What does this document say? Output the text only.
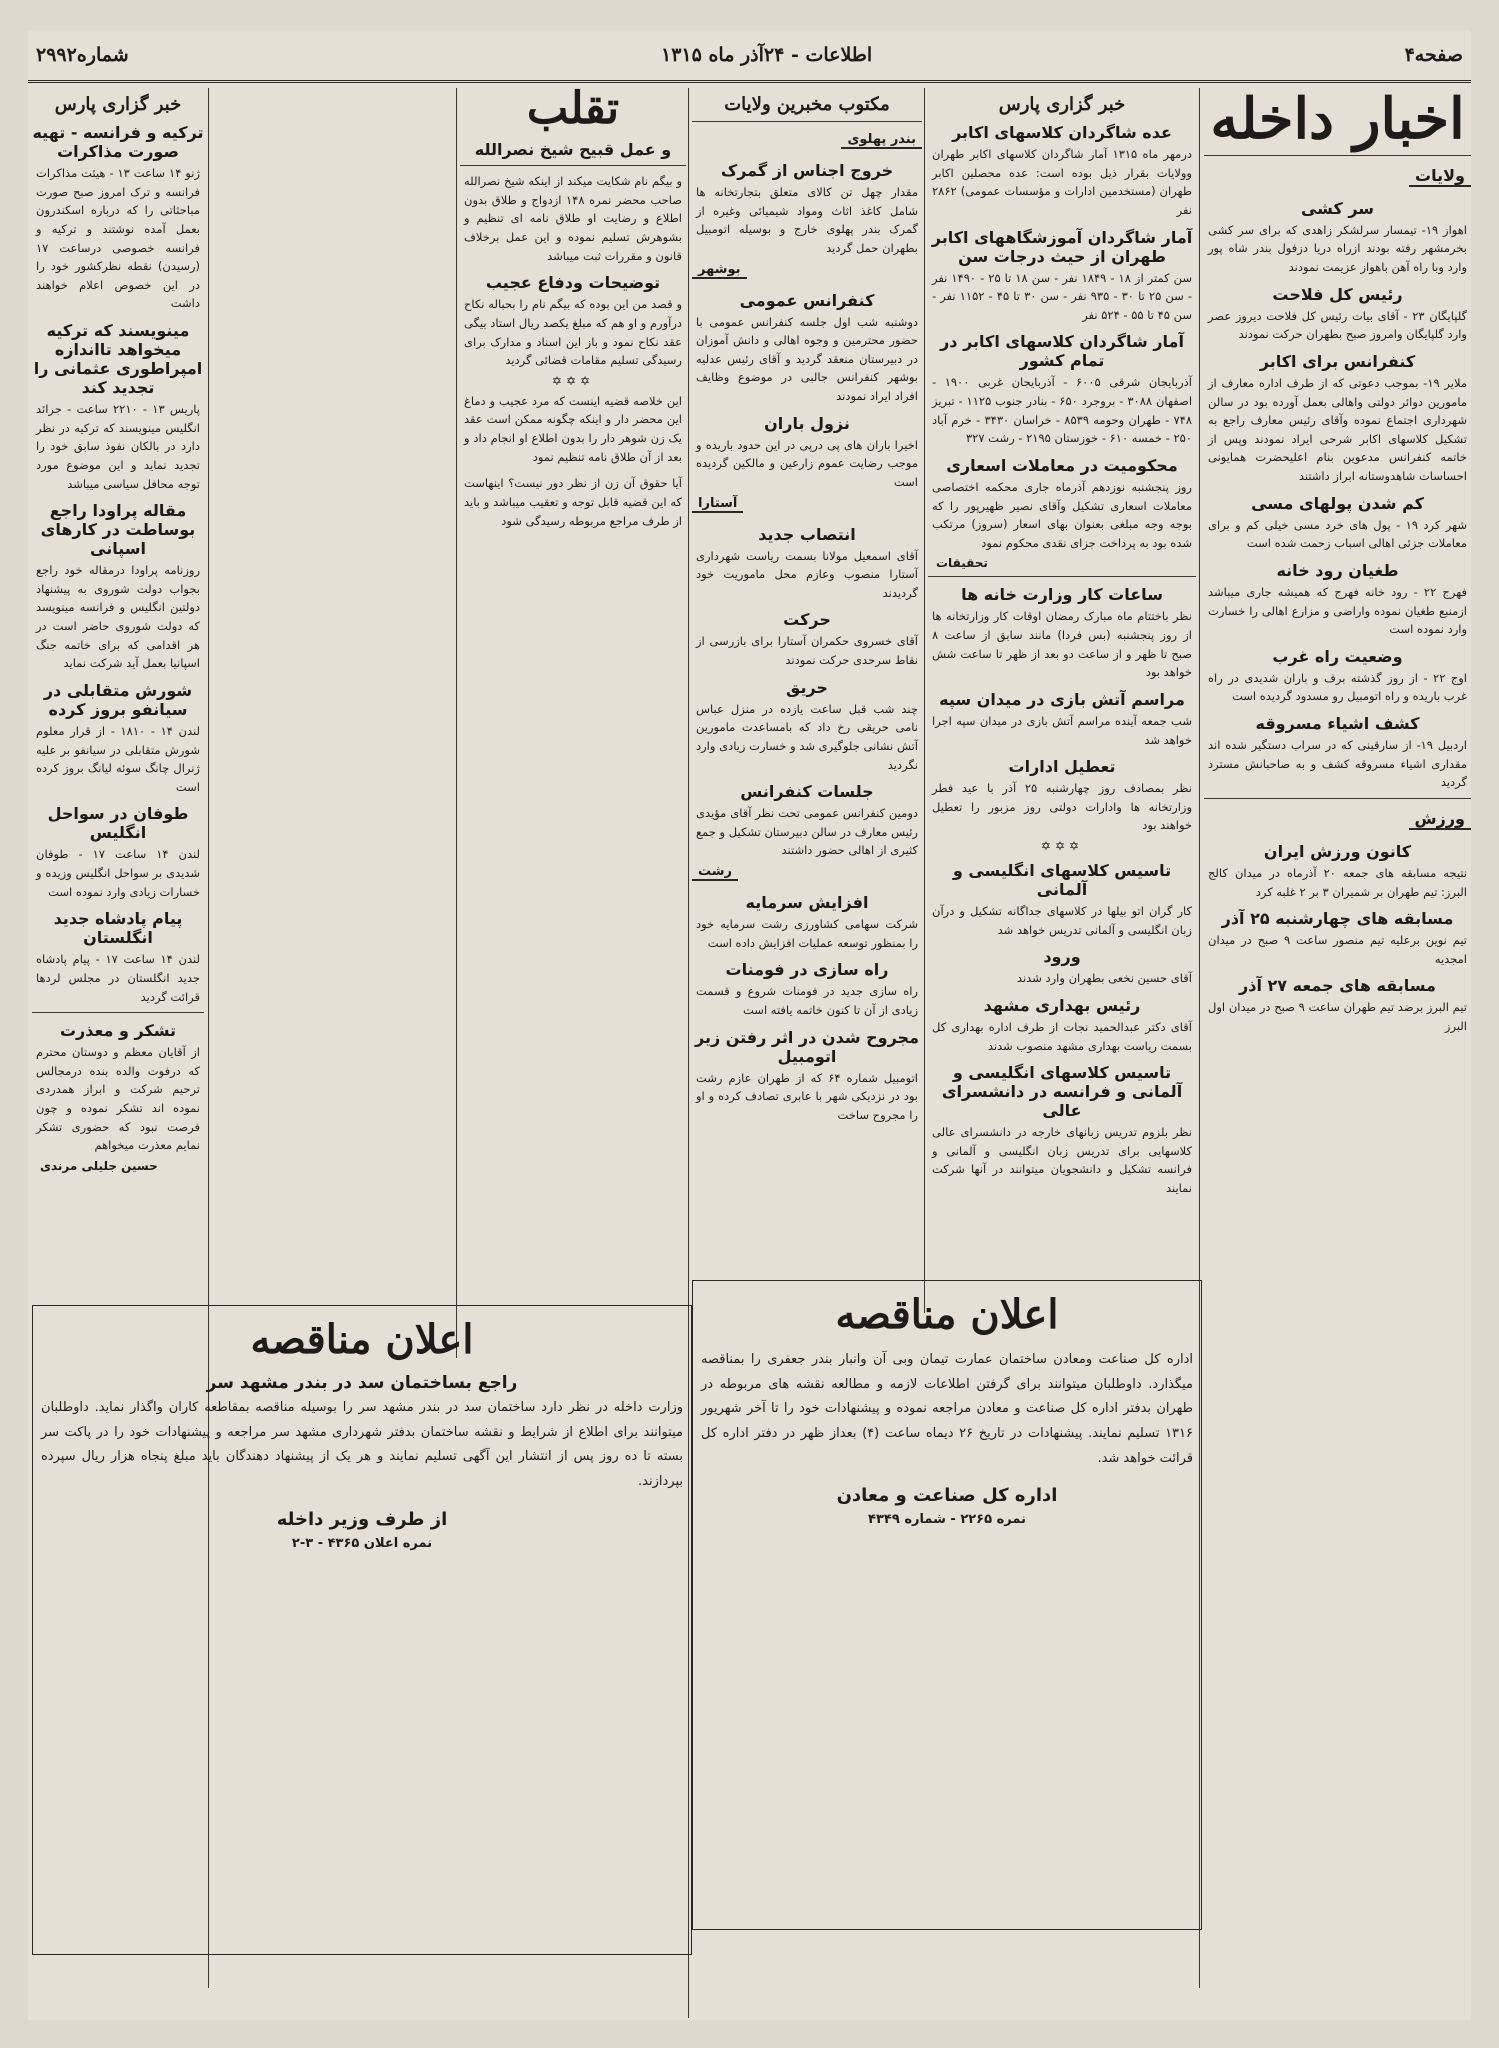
صفحه۴
اطلاعات - ۲۴آذر ماه ۱۳۱۵
شماره۲۹۹۲
اخبار داخله
ولایات
سر کشی
اهواز ۱۹- تیمسار سرلشکر زاهدی که برای سر کشی بخرمشهر رفته بودند ازراه دریا دزفول بندر شاه پور وارد وبا راه آهن باهواز عزیمت نمودند
رئیس کل فلاحت
گلپایگان ۲۳ - آقای بیات رئیس کل فلاحت دیروز عصر وارد گلپایگان وامروز صبح بطهران حرکت نمودند
کنفرانس برای اکابر
ملایر ۱۹- بموجب دعوتی که از طرف اداره معارف از مامورین دوائر دولتی واهالی بعمل آورده بود در سالن شهرداری اجتماع نموده وآقای رئیس معارف راجع به تشکیل کلاسهای اکابر شرحی ایراد نمودند وپس از خاتمه کنفرانس مدعوین بنام اعلیحضرت همایونی احساسات شاهدوستانه ابراز داشتند
کم شدن پولهای مسی
شهر کرد ۱۹ - پول های خرد مسی خیلی کم و برای معاملات جزئی اهالی اسباب زحمت شده است
طغیان رود خانه
فهرج ۲۲ - رود خانه فهرج که همیشه جاری میباشد ازمنبع طغیان نموده واراضی و مزارع اهالی را خسارت وارد نموده است
وضعیت راه غرب
اوج ۲۲ - از روز گذشته برف و باران شدیدی در راه غرب باریده و راه اتومبیل رو مسدود گردیده است
کشف اشیاء مسروقه
اردبیل ۱۹- از سارقینی که در سراب دستگیر شده اند مقداری اشیاء مسروقه کشف و به صاحبانش مسترد گردید
ورزش
کانون ورزش ایران
نتیجه مسابقه های جمعه ۲۰ آذرماه در میدان کالج البرز: تیم طهران بر شمیران ۳ بر ۲ غلبه کرد
مسابقه های چهارشنبه ۲۵ آذر
تیم نوین برعلیه تیم منصور ساعت ۹ صبح در میدان امجدیه
مسابقه های جمعه ۲۷ آذر
تیم البرز برضد تیم طهران ساعت ۹ صبح در میدان اول البرز
خبر گزاری پارس
عده شاگردان کلاسهای اکابر
درمهر ماه ۱۳۱۵ آمار شاگردان کلاسهای اکابر طهران وولایات بقرار ذیل بوده است: عده محصلین اکابر طهران (مستخدمین ادارات و مؤسسات عمومی) ۲۸۶۲ نفر
آمار شاگردان آموزشگاههای اکابر طهران از حیث درجات سن
سن کمتر از ۱۸ - ۱۸۴۹ نفر - سن ۱۸ تا ۲۵ - ۱۴۹۰ نفر - سن ۲۵ تا ۳۰ - ۹۳۵ نفر - سن ۳۰ تا ۴۵ - ۱۱۵۲ نفر - سن ۴۵ تا ۵۵ - ۵۲۴ نفر
آمار شاگردان کلاسهای اکابر در تمام کشور
آذربایجان شرقی ۶۰۰۵ - آذربایجان غربی ۱۹۰۰ - اصفهان ۳۰۸۸ - بروجرد ۶۵۰ - بنادر جنوب ۱۱۲۵ - تبریز ۷۴۸ - طهران وحومه ۸۵۳۹ - خراسان ۳۴۳۰ - خرم آباد ۲۵۰ - خمسه ۶۱۰ - خوزستان ۲۱۹۵ - رشت ۳۲۷
محکومیت در معاملات اسعاری
روز پنجشنبه نوزدهم آذرماه جاری محکمه اختصاصی معاملات اسعاری تشکیل وآقای نصیر ظهیرپور را که بوجه وجه مبلغی بعنوان بهای اسعار (سروز) مرتکب شده بود به پرداخت جزای نقدی محکوم نمود
تحقیقات
ساعات کار وزارت خانه ها
نظر باختتام ماه مبارک رمضان اوقات کار وزارتخانه ها از روز پنجشنبه (بس فردا) مانند سابق از ساعت ۸ صبح تا ظهر و از ساعت دو بعد از ظهر تا ساعت شش خواهد بود
مراسم آتش بازی در میدان سپه
شب جمعه آینده مراسم آتش بازی در میدان سپه اجرا خواهد شد
تعطیل ادارات
نظر بمصادف روز چهارشنبه ۲۵ آذر با عید فطر وزارتخانه ها وادارات دولتی روز مزبور را تعطیل خواهند بود
✡✡✡
تاسیس کلاسهای انگلیسی و آلمانی
کار گران اتو بیلها در کلاسهای جداگانه تشکیل و درآن زبان انگلیسی و آلمانی تدریس خواهد شد
ورود
آقای حسین نخعی بطهران وارد شدند
رئیس بهداری مشهد
آقای دکتر عبدالحمید نجات از طرف اداره بهداری کل بسمت ریاست بهداری مشهد منصوب شدند
تاسیس کلاسهای انگلیسی و آلمانی و فرانسه در دانشسرای عالی
نظر بلزوم تدریس زبانهای خارجه در دانشسرای عالی کلاسهایی برای تدریس زبان انگلیسی و آلمانی و فرانسه تشکیل و دانشجویان میتوانند در آنها شرکت نمایند
مکتوب مخبرین ولایات
بندر پهلوی
خروج اجناس از گمرک
مقدار چهل تن کالای متعلق بتجارتخانه ها شامل کاغذ اثاث ومواد شیمیائی وغیره از گمرک بندر پهلوی خارج و بوسیله اتومبیل بطهران حمل گردید
بوشهر
کنفرانس عمومی
دوشنبه شب اول جلسه کنفرانس عمومی با حضور محترمین و وجوه اهالی و دانش آموزان در دبیرستان منعقد گردید و آقای رئیس عدلیه بوشهر کنفرانس جالبی در موضوع وظایف افراد ایراد نمودند
نزول باران
اخیرا باران های پی درپی در این حدود باریده و موجب رضایت عموم زارعین و مالکین گردیده است
آستارا
انتصاب جدید
آقای اسمعیل مولانا بسمت ریاست شهرداری آستارا منصوب وعازم محل ماموریت خود گردیدند
حرکت
آقای خسروی حکمران آستارا برای بازرسی از نقاط سرحدی حرکت نمودند
حریق
چند شب قبل ساعت یازده در منزل عباس نامی حریقی رخ داد که بامساعدت مامورین آتش نشانی جلوگیری شد و خسارت زیادی وارد نگردید
جلسات کنفرانس
دومین کنفرانس عمومی تحت نظر آقای مؤیدی رئیس معارف در سالن دبیرستان تشکیل و جمع کثیری از اهالی حضور داشتند
رشت
افزایش سرمایه
شرکت سهامی کشاورزی رشت سرمایه خود را بمنظور توسعه عملیات افزایش داده است
راه سازی در فومنات
راه سازی جدید در فومنات شروع و قسمت زیادی از آن تا کنون خاتمه یافته است
مجروح شدن در اثر رفتن زیر اتومبیل
اتومبیل شماره ۶۴ که از طهران عازم رشت بود در نزدیکی شهر با عابری تصادف کرده و او را مجروح ساخت
تقلب
و عمل قبیح شیخ نصرالله
و بیگم نام شکایت میکند از اینکه شیخ نصرالله صاحب محضر نمره ۱۴۸ ازدواج و طلاق بدون اطلاع و رضایت او طلاق نامه ای تنظیم و بشوهرش تسلیم نموده و این عمل برخلاف قانون و مقررات ثبت میباشد
توضیحات ودفاع عجیب
و قصد من این بوده که بیگم نام را بحباله نکاح درآورم و او هم که مبلغ یکصد ریال استاد بیگی عقد نکاح نمود و باز این اسناد و مدارک برای رسیدگی تسلیم مقامات قضائی گردید
✡✡✡
این خلاصه قضیه اینست که مرد عجیب و دماغ این محضر دار و اینکه چگونه ممکن است عقد یک زن شوهر دار را بدون اطلاع او انجام داد و بعد از آن طلاق نامه تنظیم نمود
آیا حقوق آن زن از نظر دور نیست؟ اینهاست که این قضیه قابل توجه و تعقیب میباشد و باید از طرف مراجع مربوطه رسیدگی شود
خبر گزاری پارس
ترکیه و فرانسه - تهیه صورت مذاکرات
ژنو ۱۴ ساعت ۱۳ - هیئت مذاکرات فرانسه و ترک امروز صبح صورت مباحثاتی را که درباره اسکندرون بعمل آمده نوشتند و ترکیه و فرانسه خصوصی درساعت ۱۷ (رسیدن) نقطه نظرکشور خود را در این خصوص اعلام خواهند داشت
مینویسند که ترکیه میخواهد تااندازه امپراطوری عثمانی را تجدید کند
پاریس ۱۳ - ۲۲۱۰ ساعت - جرائد انگلیس مینویسند که ترکیه در نظر دارد در بالکان نفوذ سابق خود را تجدید نماید و این موضوع مورد توجه محافل سیاسی میباشد
مقاله پراودا راجع بوساطت در کارهای اسپانی
روزنامه پراودا درمقاله خود راجع بجواب دولت شوروی به پیشنهاد دولتین انگلیس و فرانسه مینویسد که دولت شوروی حاضر است در هر اقدامی که برای خاتمه جنگ اسپانیا بعمل آید شرکت نماید
شورش متقابلی در سیانفو بروز کرده
لندن ۱۴ - ۱۸۱۰ - از قرار معلوم شورش متقابلی در سیانفو بر علیه ژنرال چانگ سوئه لیانگ بروز کرده است
طوفان در سواحل انگلیس
لندن ۱۴ ساعت ۱۷ - طوفان شدیدی بر سواحل انگلیس وزیده و خسارات زیادی وارد نموده است
پیام پادشاه جدید انگلستان
لندن ۱۴ ساعت ۱۷ - پیام پادشاه جدید انگلستان در مجلس لردها قرائت گردید
تشکر و معذرت
از آقایان معظم و دوستان محترم که درفوت والده بنده درمجالس ترحیم شرکت و ابراز همدردی نموده اند تشکر نموده و چون فرصت نبود که حضوری تشکر نمایم معذرت میخواهم
حسین جلیلی مرندی
اعلان مناقصه
اداره کل صناعت ومعادن ساختمان عمارت تیمان وبی آن وانبار بندر جعفری را بمناقصه میگذارد. داوطلبان میتوانند برای گرفتن اطلاعات لازمه و مطالعه نقشه های مربوطه در طهران بدفتر اداره کل صناعت و معادن مراجعه نموده و پیشنهادات خود را تا آخر شهریور ۱۳۱۶ تسلیم نمایند. پیشنهادات در تاریخ ۲۶ دیماه ساعت (۴) بعداز ظهر در دفتر اداره کل قرائت خواهد شد.
اداره کل صناعت و معادن
نمره ۲۲۶۵ - شماره ۴۳۴۹
اعلان مناقصه
راجع بساختمان سد در بندر مشهد سر
وزارت داخله در نظر دارد ساختمان سد در بندر مشهد سر را بوسیله مناقصه بمقاطعه کاران واگذار نماید. داوطلبان میتوانند برای اطلاع از شرایط و نقشه ساختمان بدفتر شهرداری مشهد سر مراجعه و پیشنهادات خود را در پاکت سر بسته تا ده روز پس از انتشار این آگهی تسلیم نمایند و هر یک از پیشنهاد دهندگان باید مبلغ پنجاه هزار ریال سپرده بپردازند.
از طرف وزیر داخله
نمره اعلان ۴۳۶۵ - ۳-۲
